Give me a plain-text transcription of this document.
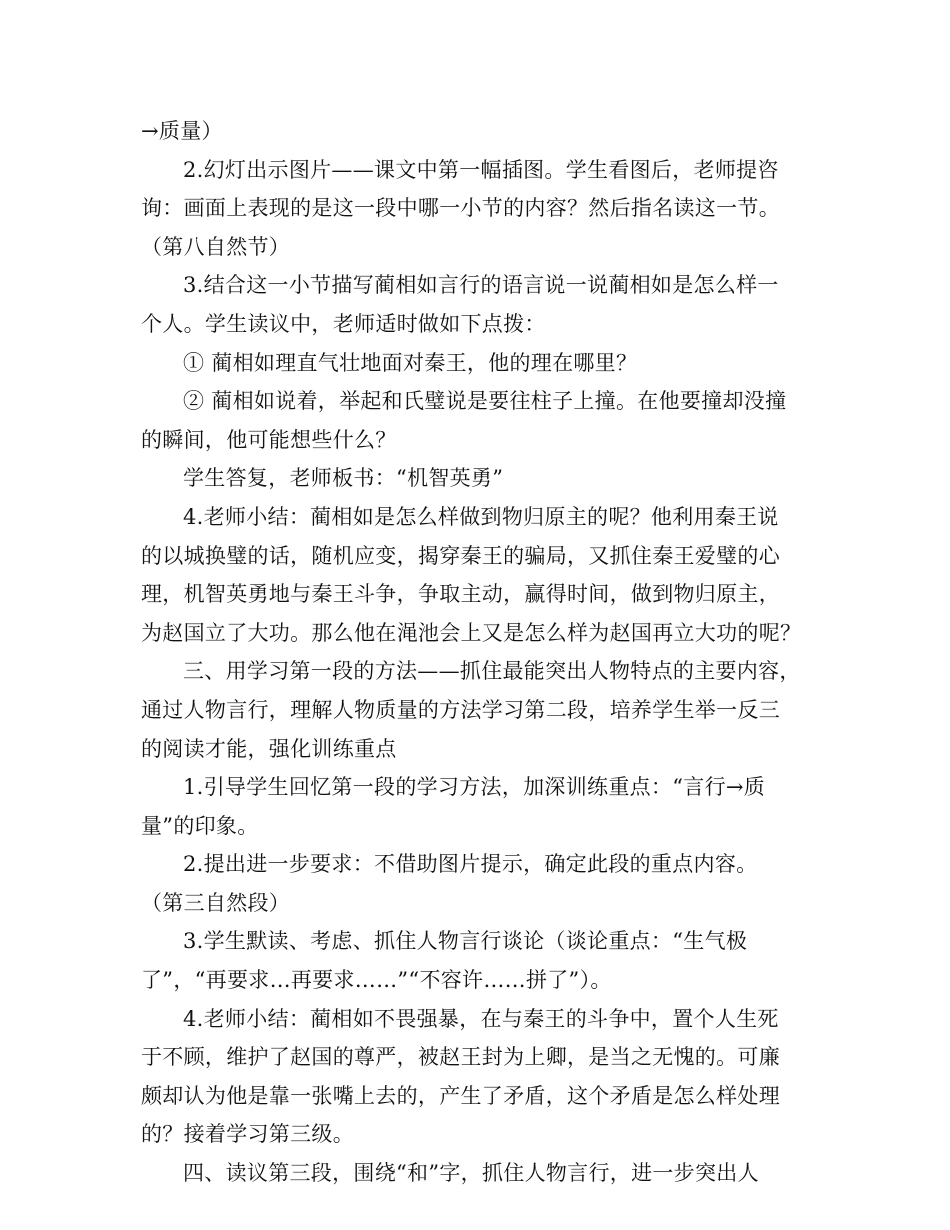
→质量）
2.幻灯出示图片——课文中第一幅插图。学生看图后，老师提咨
询：画面上表现的是这一段中哪一小节的内容？然后指名读这一节。
（第八自然节）
3.结合这一小节描写蔺相如言行的语言说一说蔺相如是怎么样一
个人。学生读议中，老师适时做如下点拨：
① 蔺相如理直气壮地面对秦王，他的理在哪里？
② 蔺相如说着，举起和氏璧说是要往柱子上撞。在他要撞却没撞
的瞬间，他可能想些什么？
学生答复，老师板书：“机智英勇”
4.老师小结：蔺相如是怎么样做到物归原主的呢？他利用秦王说
的以城换璧的话，随机应变，揭穿秦王的骗局，又抓住秦王爱璧的心
理，机智英勇地与秦王斗争，争取主动，赢得时间，做到物归原主，
为赵国立了大功。那么他在渑池会上又是怎么样为赵国再立大功的呢？
三、用学习第一段的方法——抓住最能突出人物特点的主要内容，
通过人物言行，理解人物质量的方法学习第二段，培养学生举一反三
的阅读才能，强化训练重点
1.引导学生回忆第一段的学习方法，加深训练重点：“言行→质
量”的印象。
2.提出进一步要求：不借助图片提示，确定此段的重点内容。
（第三自然段）
3.学生默读、考虑、抓住人物言行谈论（谈论重点：“生气极
了”，“再要求…再要求……”“不容许……拼了”）。
4.老师小结：蔺相如不畏强暴，在与秦王的斗争中，置个人生死
于不顾，维护了赵国的尊严，被赵王封为上卿，是当之无愧的。可廉
颇却认为他是靠一张嘴上去的，产生了矛盾，这个矛盾是怎么样处理
的？接着学习第三级。
四、读议第三段，围绕“和”字，抓住人物言行，进一步突出人
